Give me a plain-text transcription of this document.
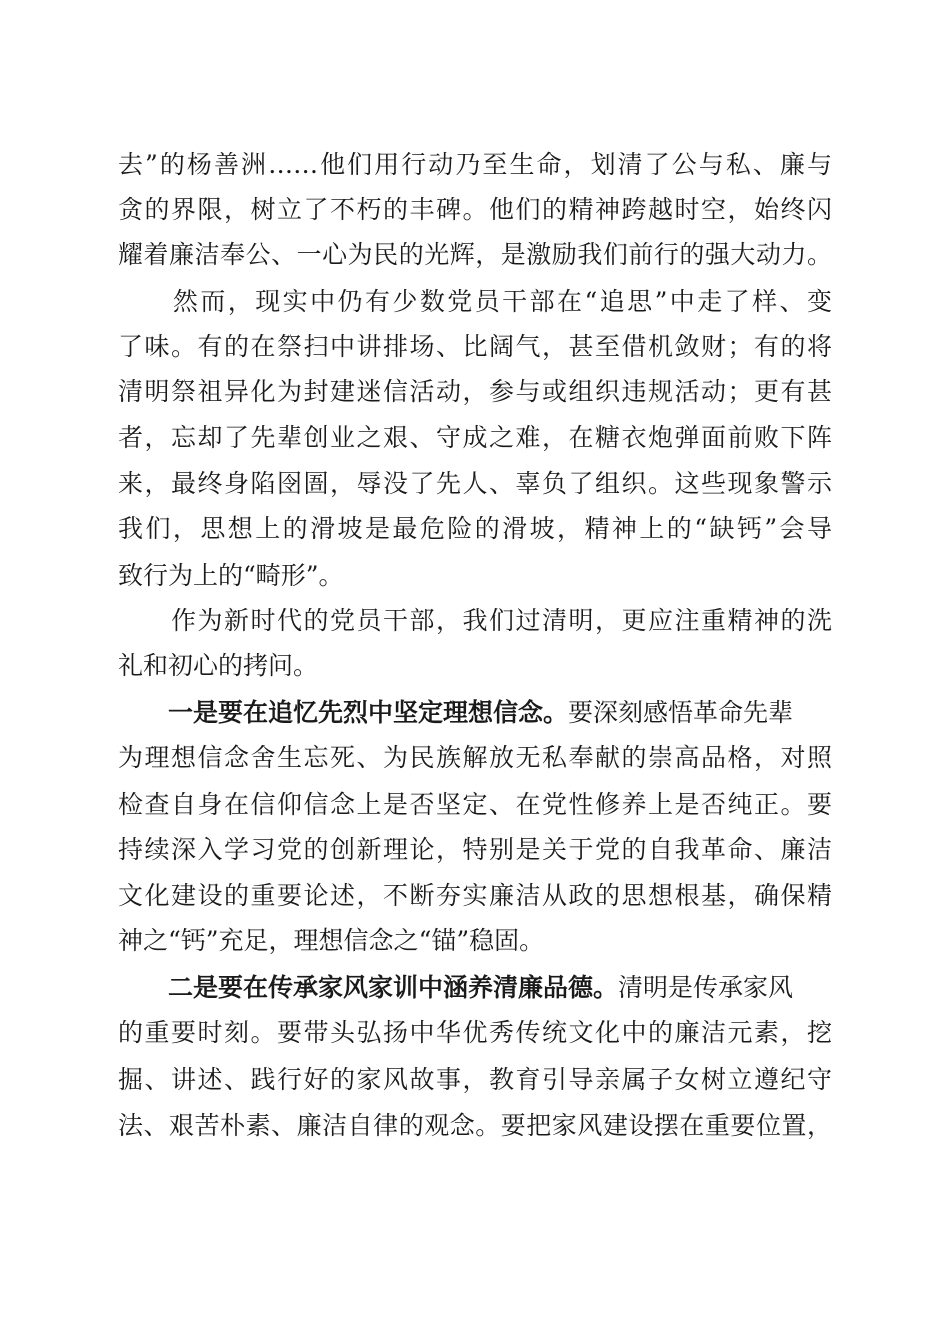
去”的杨善洲……他们用行动乃至生命，划清了公与私、廉与
贪的界限，树立了不朽的丰碑。他们的精神跨越时空，始终闪
耀着廉洁奉公、一心为民的光辉，是激励我们前行的强大动力。
　　然而，现实中仍有少数党员干部在“追思”中走了样、变
了味。有的在祭扫中讲排场、比阔气，甚至借机敛财；有的将
清明祭祖异化为封建迷信活动，参与或组织违规活动；更有甚
者，忘却了先辈创业之艰、守成之难，在糖衣炮弹面前败下阵
来，最终身陷囹圄，辱没了先人、辜负了组织。这些现象警示
我们，思想上的滑坡是最危险的滑坡，精神上的“缺钙”会导
致行为上的“畸形”。
　　作为新时代的党员干部，我们过清明，更应注重精神的洗
礼和初心的拷问。
　　一是要在追忆先烈中坚定理想信念。要深刻感悟革命先辈
为理想信念舍生忘死、为民族解放无私奉献的崇高品格，对照
检查自身在信仰信念上是否坚定、在党性修养上是否纯正。要
持续深入学习党的创新理论，特别是关于党的自我革命、廉洁
文化建设的重要论述，不断夯实廉洁从政的思想根基，确保精
神之“钙”充足，理想信念之“锚”稳固。
　　二是要在传承家风家训中涵养清廉品德。清明是传承家风
的重要时刻。要带头弘扬中华优秀传统文化中的廉洁元素，挖
掘、讲述、践行好的家风故事，教育引导亲属子女树立遵纪守
法、艰苦朴素、廉洁自律的观念。要把家风建设摆在重要位置，
